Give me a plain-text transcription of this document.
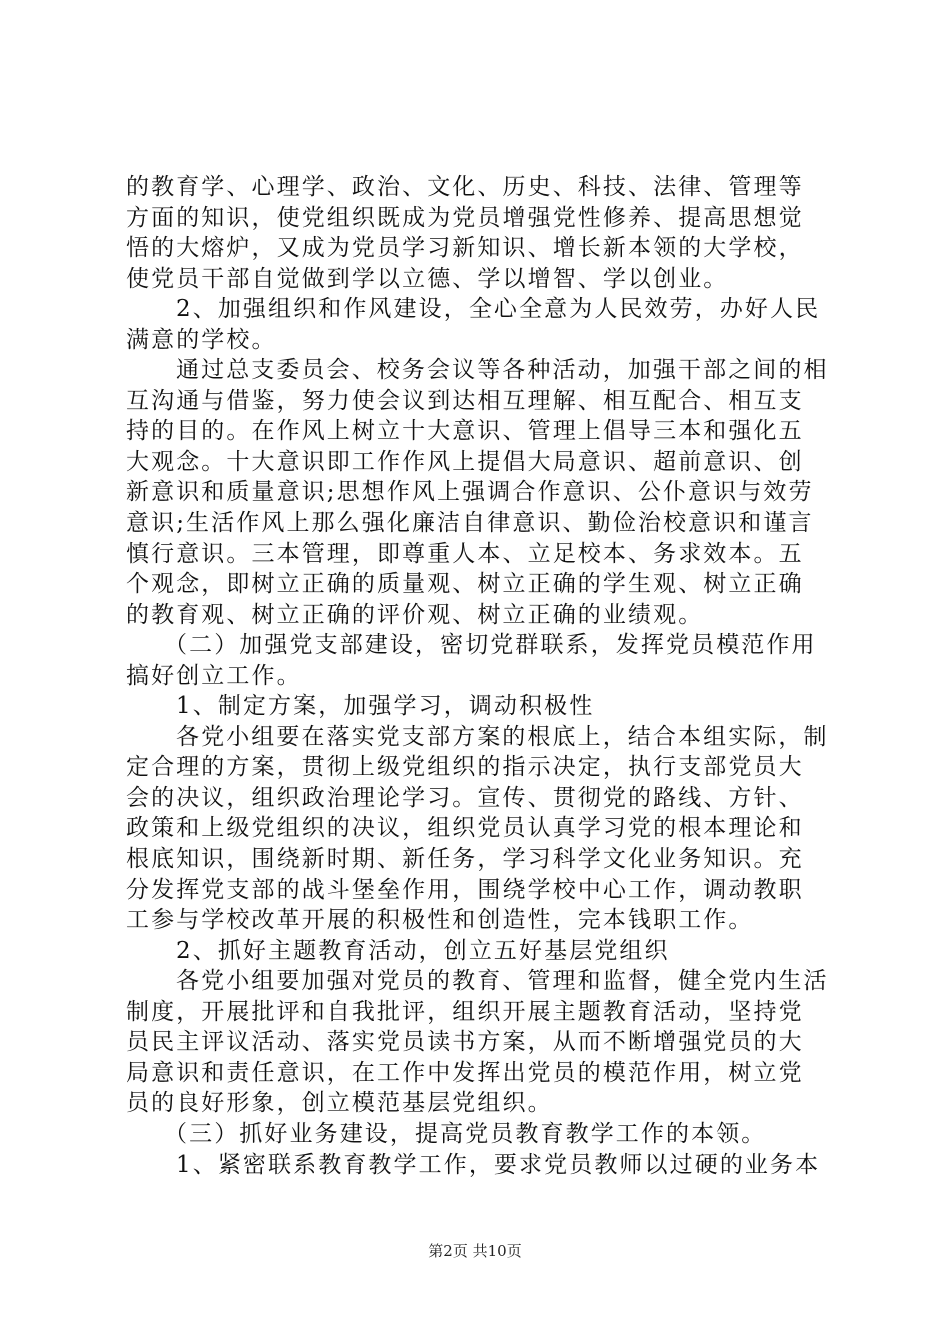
的教育学、心理学、政治、文化、历史、科技、法律、管理等
方面的知识，使党组织既成为党员增强党性修养、提高思想觉
悟的大熔炉，又成为党员学习新知识、增长新本领的大学校，
使党员干部自觉做到学以立德、学以增智、学以创业。
2、加强组织和作风建设，全心全意为人民效劳，办好人民
满意的学校。
通过总支委员会、校务会议等各种活动，加强干部之间的相
互沟通与借鉴，努力使会议到达相互理解、相互配合、相互支
持的目的。在作风上树立十大意识、管理上倡导三本和强化五
大观念。十大意识即工作作风上提倡大局意识、超前意识、创
新意识和质量意识;思想作风上强调合作意识、公仆意识与效劳
意识;生活作风上那么强化廉洁自律意识、勤俭治校意识和谨言
慎行意识。三本管理，即尊重人本、立足校本、务求效本。五
个观念，即树立正确的质量观、树立正确的学生观、树立正确
的教育观、树立正确的评价观、树立正确的业绩观。
（二）加强党支部建设，密切党群联系，发挥党员模范作用
搞好创立工作。
1、制定方案，加强学习，调动积极性
各党小组要在落实党支部方案的根底上，结合本组实际，制
定合理的方案，贯彻上级党组织的指示决定，执行支部党员大
会的决议，组织政治理论学习。宣传、贯彻党的路线、方针、
政策和上级党组织的决议，组织党员认真学习党的根本理论和
根底知识，围绕新时期、新任务，学习科学文化业务知识。充
分发挥党支部的战斗堡垒作用，围绕学校中心工作，调动教职
工参与学校改革开展的积极性和创造性，完本钱职工作。
2、抓好主题教育活动，创立五好基层党组织
各党小组要加强对党员的教育、管理和监督，健全党内生活
制度，开展批评和自我批评，组织开展主题教育活动，坚持党
员民主评议活动、落实党员读书方案，从而不断增强党员的大
局意识和责任意识，在工作中发挥出党员的模范作用，树立党
员的良好形象，创立模范基层党组织。
（三）抓好业务建设，提高党员教育教学工作的本领。
1、紧密联系教育教学工作，要求党员教师以过硬的业务本
第2页 共10页
